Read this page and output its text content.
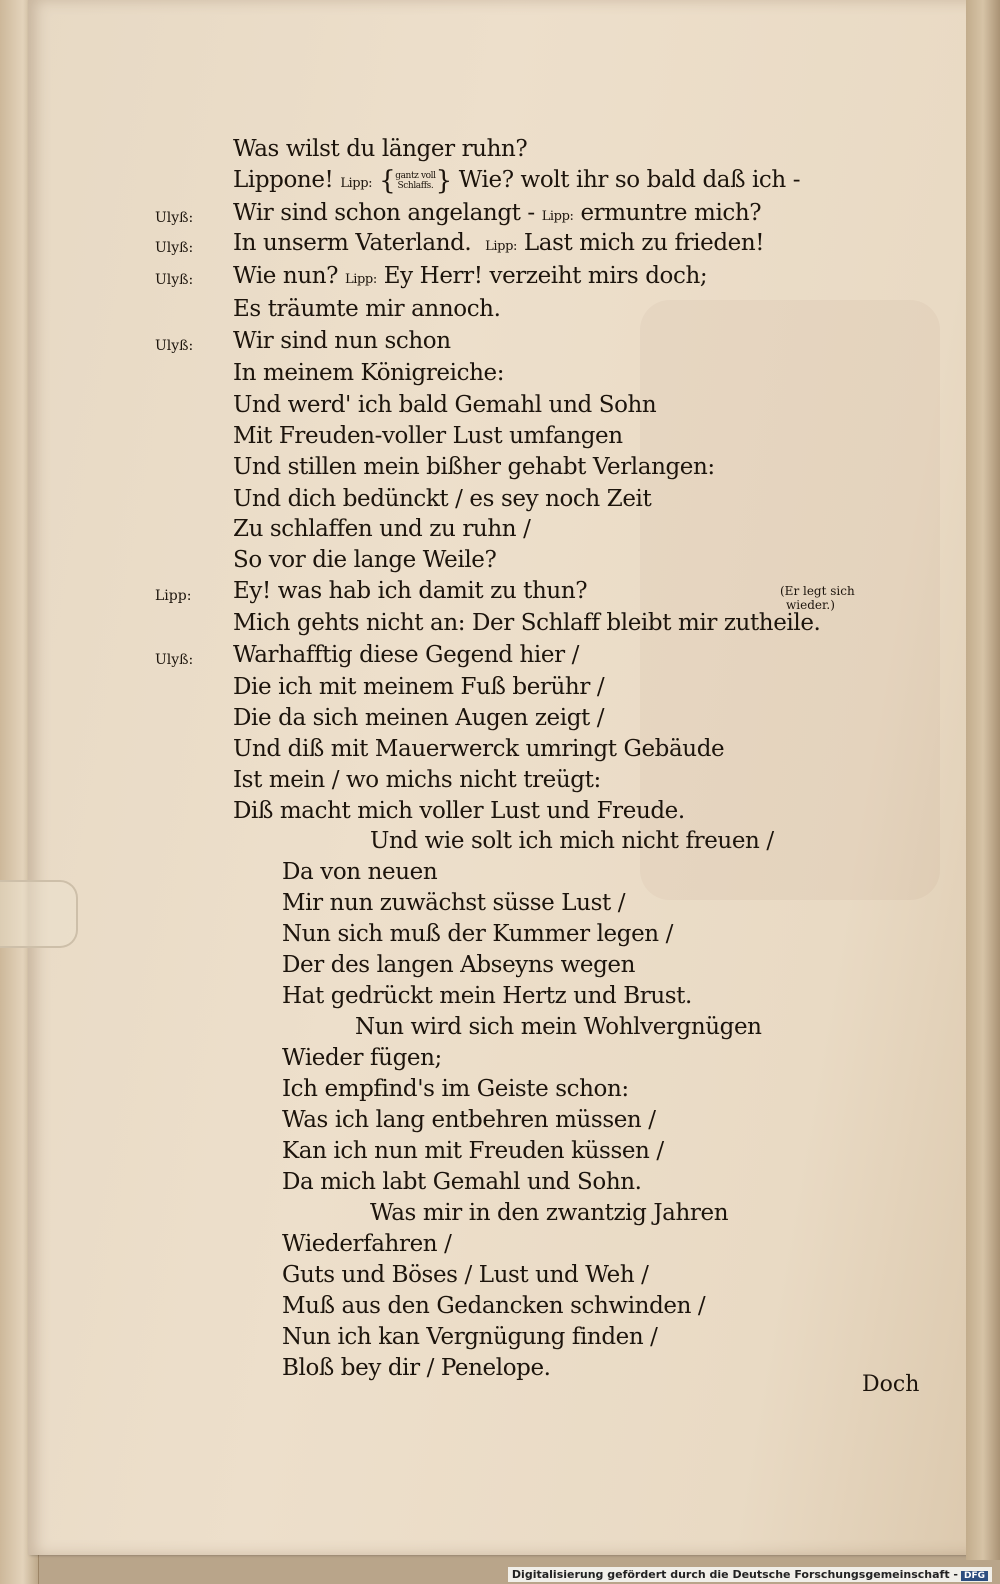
Was wilst du länger ruhn?
Lippone! Lipp: {gantz voll
Schlaffs.} Wie? wolt ihr so bald daß ich -
Ulyß: Wir sind schon angelangt - Lipp: ermuntre mich?
Ulyß: In unserm Vaterland. Lipp: Last mich zu frieden!
Ulyß: Wie nun? Lipp: Ey Herr! verzeiht mirs doch;
Es träumte mir annoch.
Ulyß: Wir sind nun schon
In meinem Königreiche:
Und werd' ich bald Gemahl und Sohn
Mit Freuden-voller Lust umfangen
Und stillen mein bißher gehabt Verlangen:
Und dich bedünckt / es sey noch Zeit
Zu schlaffen und zu ruhn /
So vor die lange Weile?
Lipp: Ey! was hab ich damit zu thun?
Mich gehts nicht an: Der Schlaff bleibt mir zutheile.
(Er legt sich
wieder.)
Ulyß: Warhafftig diese Gegend hier /
Die ich mit meinem Fuß berühr /
Die da sich meinen Augen zeigt /
Und diß mit Mauerwerck umringt Gebäude
Ist mein / wo michs nicht treügt:
Diß macht mich voller Lust und Freude.
Und wie solt ich mich nicht freuen /
Da von neuen
Mir nun zuwächst süsse Lust /
Nun sich muß der Kummer legen /
Der des langen Abseyns wegen
Hat gedrückt mein Hertz und Brust.
Nun wird sich mein Wohlvergnügen
Wieder fügen;
Ich empfind's im Geiste schon:
Was ich lang entbehren müssen /
Kan ich nun mit Freuden küssen /
Da mich labt Gemahl und Sohn.
Was mir in den zwantzig Jahren
Wiederfahren /
Guts und Böses / Lust und Weh /
Muß aus den Gedancken schwinden /
Nun ich kan Vergnügung finden /
Bloß bey dir / Penelope.
Doch
Digitalisierung gefördert durch die Deutsche Forschungsgemeinschaft - DFG
